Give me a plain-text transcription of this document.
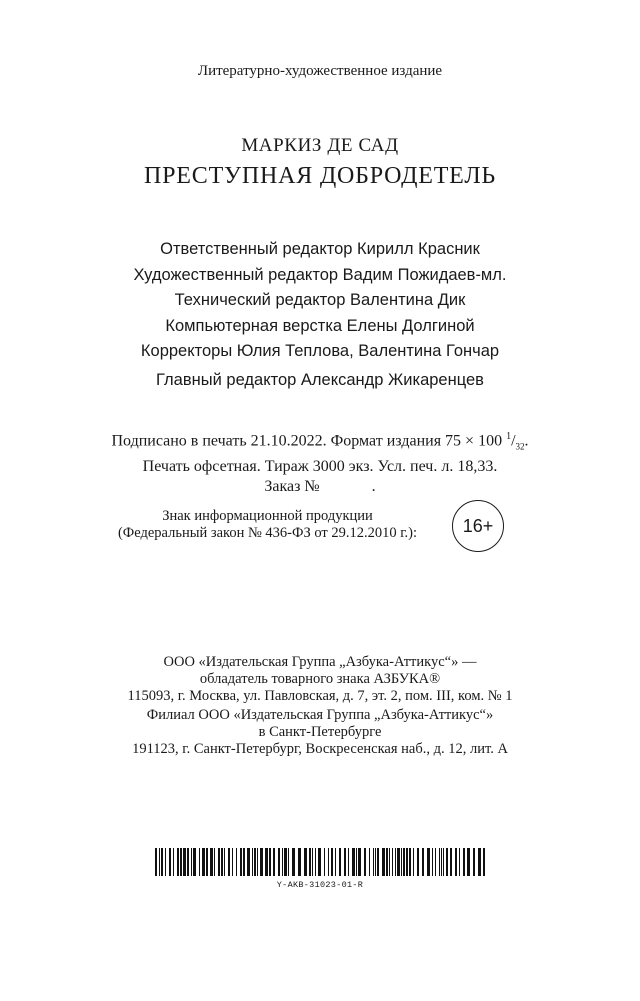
Литературно-художественное издание
МАРКИЗ ДЕ САД
ПРЕСТУПНАЯ ДОБРОДЕТЕЛЬ
Ответственный редактор Кирилл Красник
Художественный редактор Вадим Пожидаев-мл.
Технический редактор Валентина Дик
Компьютерная верстка Елены Долгиной
Корректоры Юлия Теплова, Валентина Гончар
Главный редактор Александр Жикаренцев
Подписано в печать 21.10.2022. Формат издания 75 × 100 $^1/_{32}$.
Печать офсетная. Тираж 3000 экз. Усл. печ. л. 18,33.
Заказ №             .
Знак информационной продукции
(Федеральный закон № 436-ФЗ от 29.12.2010 г.):	16+
ООО «Издательская Группа „Азбука-Аттикус“» —
обладатель товарного знака АЗБУКА®
115093, г. Москва, ул. Павловская, д. 7, эт. 2, пом. III, ком. № 1
Филиал ООО «Издательская Группа „Азбука-Аттикус“»
в Санкт-Петербурге
191123, г. Санкт-Петербург, Воскресенская наб., д. 12, лит. А
Y-AKB-31023-01-R
